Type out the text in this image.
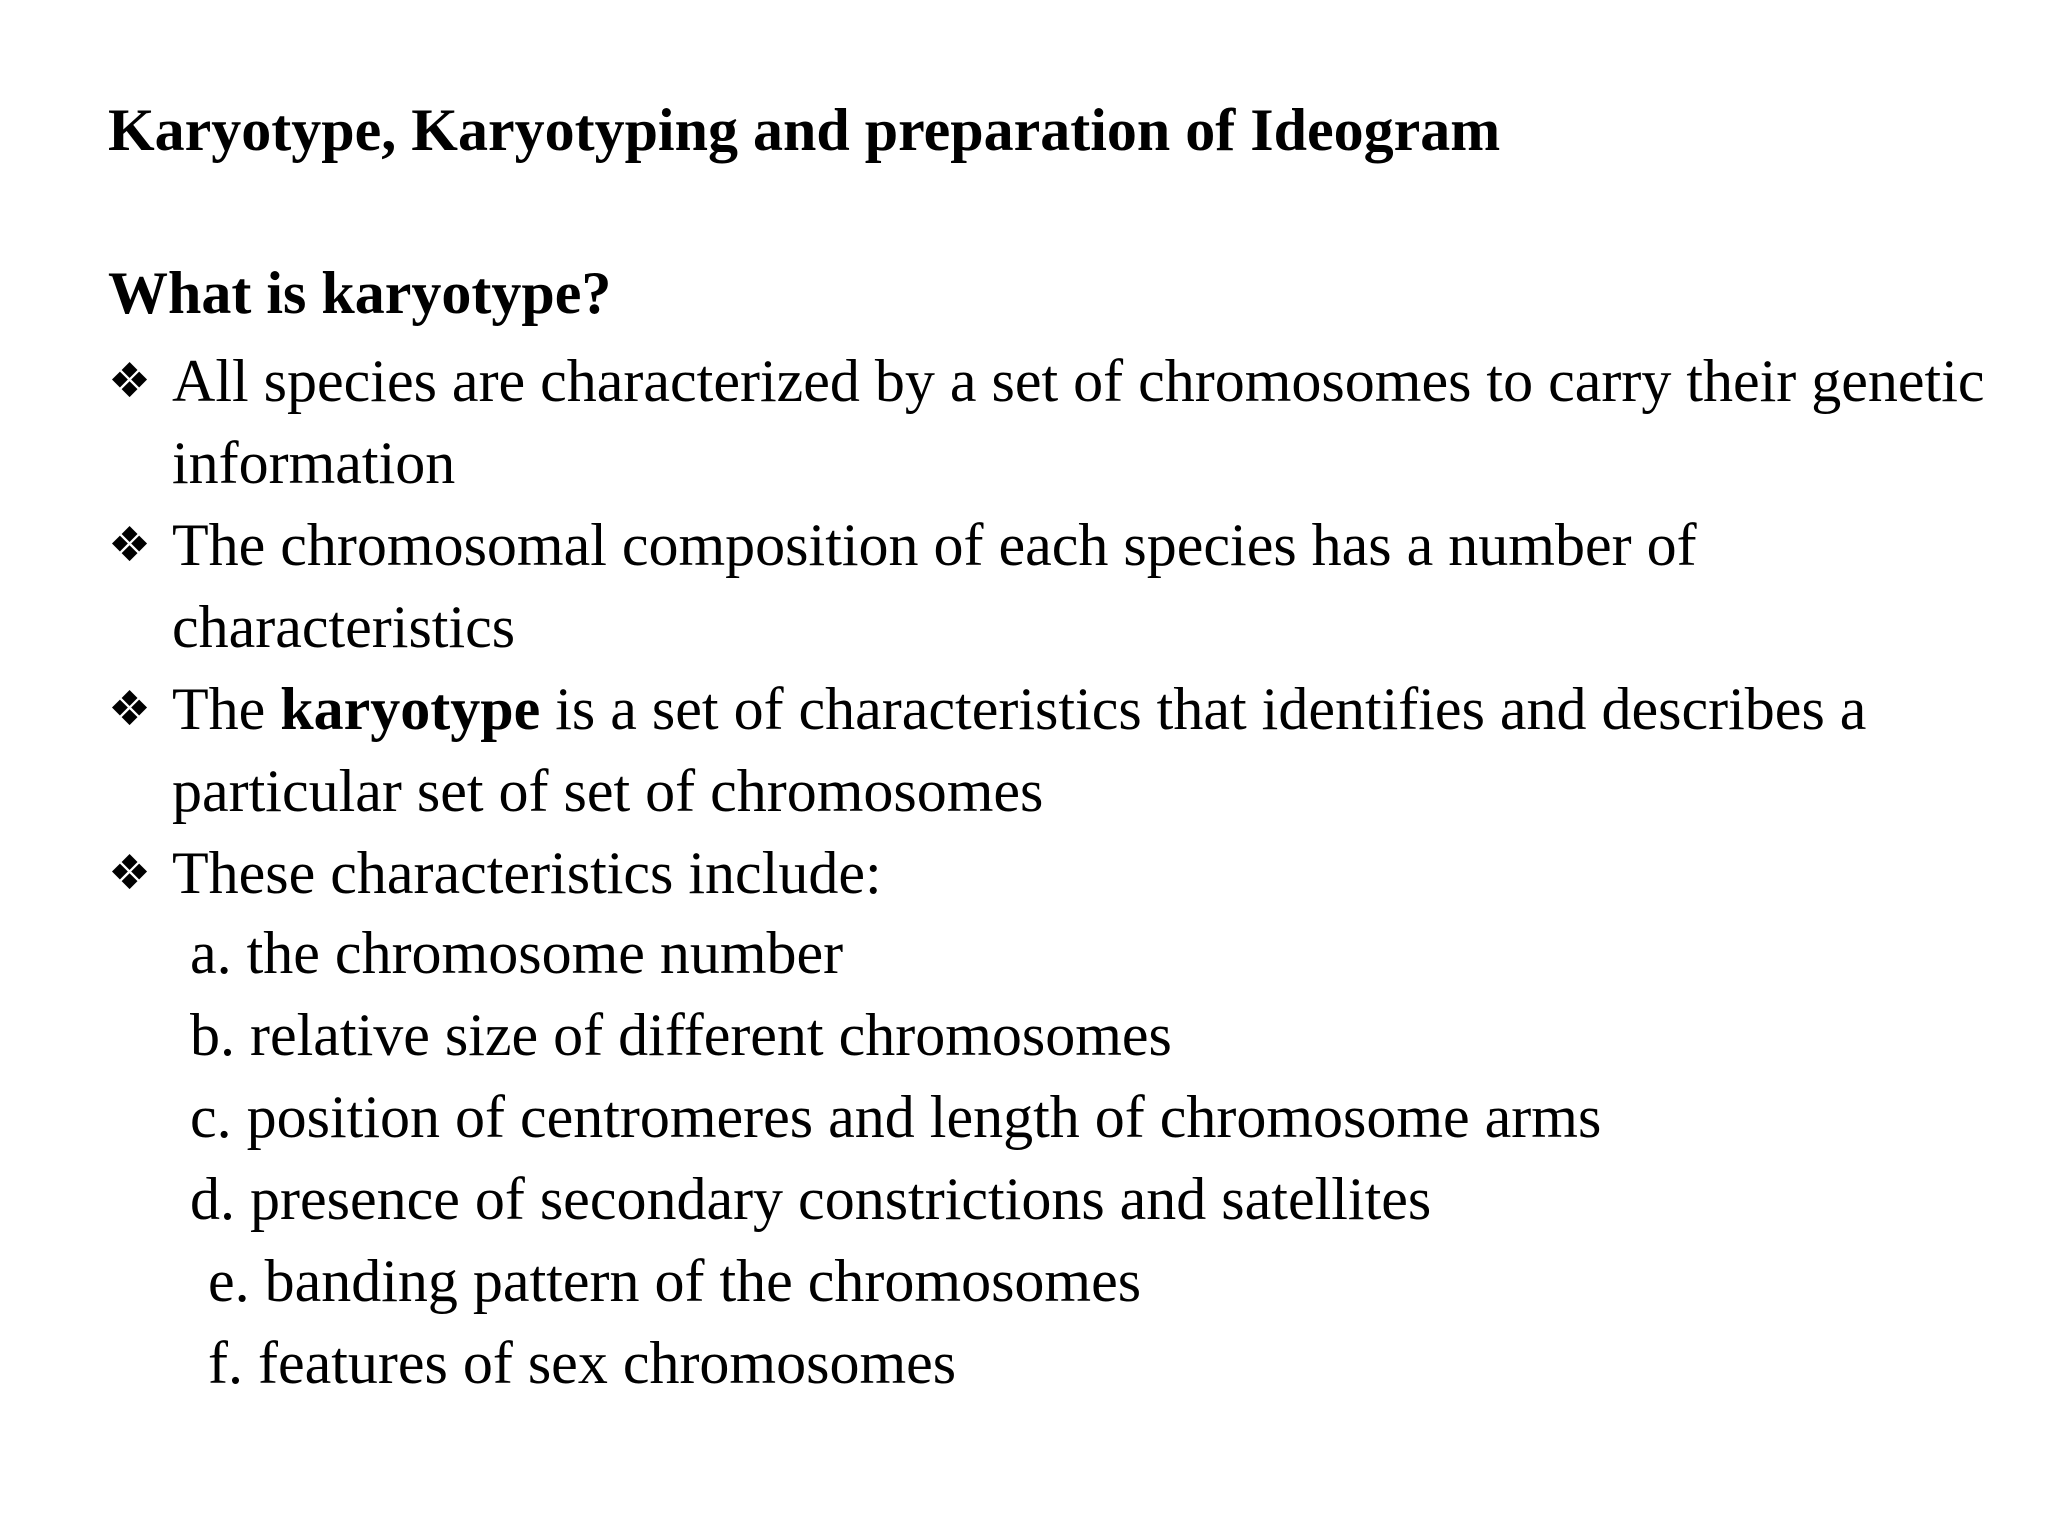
Karyotype, Karyotyping and preparation of Ideogram
What is karyotype?
❖ All species are characterized by a set of chromosomes to carry their genetic information
❖ The chromosomal composition of each species has a number of characteristics
❖ The karyotype is a set of characteristics that identifies and describes a particular set of set of chromosomes
❖ These characteristics include:
a. the chromosome number
b. relative size of different chromosomes
c. position of centromeres and length of chromosome arms
d. presence of secondary constrictions and satellites
e. banding pattern of the chromosomes
f. features of sex chromosomes
